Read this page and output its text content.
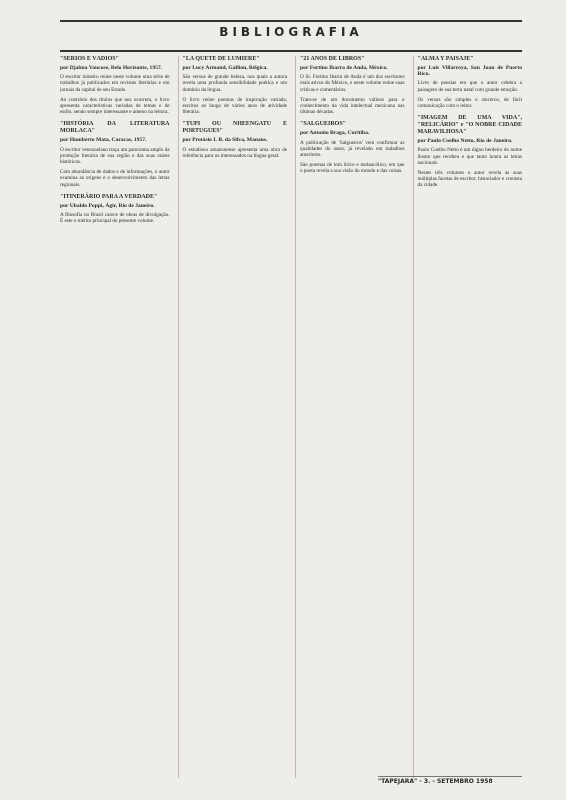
BIBLIOGRAFIA
"SÉRIOS E VÁDIOS"
por Djalma Vaucose, Belo Horizonte, 1957.
O escritor mineiro reúne neste volume uma série de trabalhos já publicados em revistas literárias e em jornais da capital de seu Estado.
Ao contrário dos títulos que nos ocorrem, o livro apresenta características variadas de temas e de estilo, sendo sempre interessante e ameno na leitura.
"HISTÓRIA DA LITERATURA MORLACA"
por Humberto Mata, Caracas, 1957.
O escritor venezuelano traça um panorama amplo da produção literária de sua região e das suas raízes históricas.
Com abundância de dados e de informações, o autor examina as origens e o desenvolvimento das letras regionais.
"ITINERÁRIO PARA A VERDADE"
por Ubaldo Poppi, Ágir, Rio de Janeiro.
A filosofia no Brasil carece de obras de divulgação. É este o mérito principal do presente volume.
"LA QUETE DE LUMIÈRE"
por Lucy Armand, Gallion, Bélgica.
São versos de grande beleza, nos quais a autora revela uma profunda sensibilidade poética e um domínio da língua.
O livro reúne poemas de inspiração variada, escritos ao longo de vários anos de atividade literária.
"TUPI OU NHEENGATU E PORTUGUES"
por Protásio I. B. da Silva, Manaus.
O estudioso amazonense apresenta uma obra de referência para os interessados na língua geral.
"21 ANOS DE LIBROS"
por Fortino Ibarra de Anda, México.
O Sr. Fortino Ibarra de Anda é um dos escritores mais ativos do México, e neste volume reúne suas críticas e comentários.
Trata-se de um documento valioso para o conhecimento da vida intelectual mexicana nas últimas décadas.
"SALGUEIROS"
por Antonio Braga, Curitiba.
A publicação de 'Salgueiros' vem confirmar as qualidades do autor, já revelado em trabalhos anteriores.
São poemas de tom lírico e melancólico, em que o poeta revela a sua visão do mundo e das coisas.
"ALMA Y PAISAJE"
por Luis Villarroya, San Juan de Puerto Rico.
Livro de poesias em que o autor celebra a paisagem de sua terra natal com grande emoção.
Os versos são simples e sinceros, de fácil comunicação com o leitor.
"IMAGEM DE UMA VIDA", "RELICÁRIO" e "O NOBRE CIDADE MARAVILHOSA"
por Paulo Coelho Netto, Rio de Janeiro.
Paulo Coelho Netto é um digno herdeiro do nome ilustre que recebeu e que tanto honra as letras nacionais.
Nestes três volumes o autor revela as suas múltiplas facetas de escritor, historiador e cronista da cidade.
"TAPEJARA" - 3. - SETEMBRO 1958
